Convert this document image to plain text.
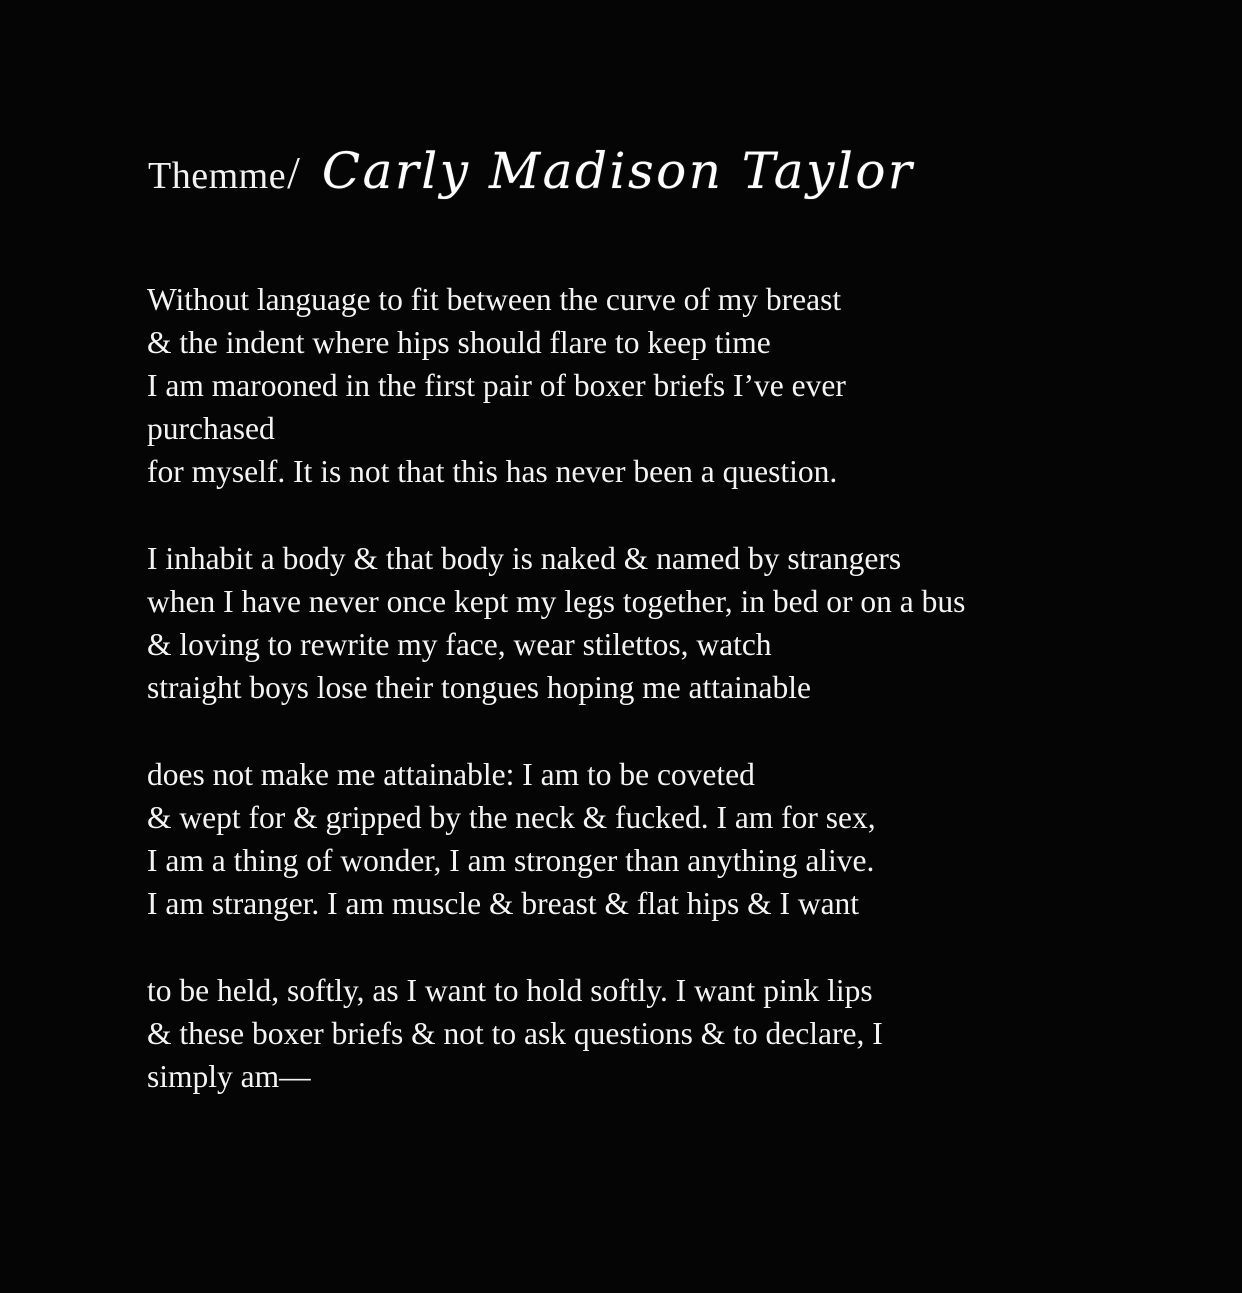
Themme / Carly Madison Taylor
Without language to fit between the curve of my breast
& the indent where hips should flare to keep time
I am marooned in the first pair of boxer briefs I’ve ever
purchased
for myself. It is not that this has never been a question.
I inhabit a body & that body is naked & named by strangers
when I have never once kept my legs together, in bed or on a bus
& loving to rewrite my face, wear stilettos, watch
straight boys lose their tongues hoping me attainable
does not make me attainable: I am to be coveted
& wept for & gripped by the neck & fucked. I am for sex,
I am a thing of wonder, I am stronger than anything alive.
I am stranger. I am muscle & breast & flat hips & I want
to be held, softly, as I want to hold softly. I want pink lips
& these boxer briefs & not to ask questions & to declare, I
simply am—
